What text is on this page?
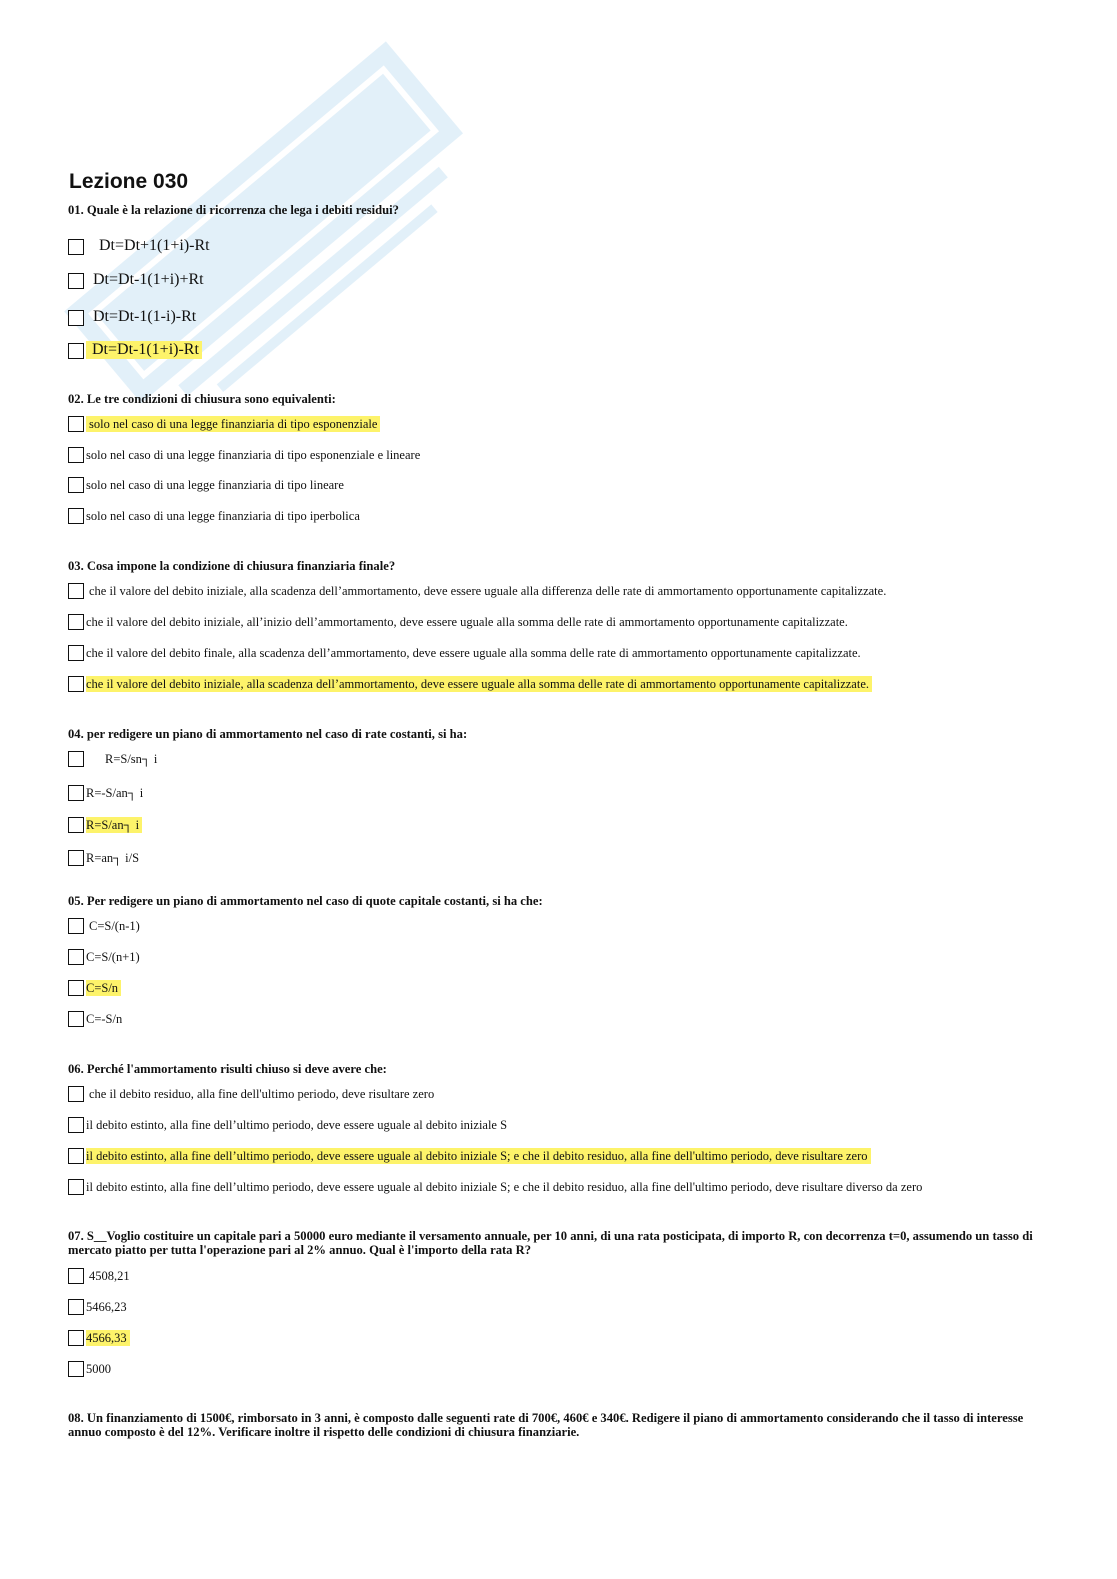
Lezione 030

01. Quale è la relazione di ricorrenza che lega i debiti residui?

Dt=Dt+1(1+i)-Rt
Dt=Dt-1(1+i)+Rt
Dt=Dt-1(1-i)-Rt
Dt=Dt-1(1+i)-Rt

02. Le tre condizioni di chiusura sono equivalenti:

solo nel caso di una legge finanziaria di tipo esponenziale
solo nel caso di una legge finanziaria di tipo esponenziale e lineare
solo nel caso di una legge finanziaria di tipo lineare
solo nel caso di una legge finanziaria di tipo iperbolica

03. Cosa impone la condizione di chiusura finanziaria finale?

che il valore del debito iniziale, alla scadenza dell’ammortamento, deve essere uguale alla differenza delle rate di ammortamento opportunamente capitalizzate.
che il valore del debito iniziale, all’inizio dell’ammortamento, deve essere uguale alla somma delle rate di ammortamento opportunamente capitalizzate.
che il valore del debito finale, alla scadenza dell’ammortamento, deve essere uguale alla somma delle rate di ammortamento opportunamente capitalizzate.
che il valore del debito iniziale, alla scadenza dell’ammortamento, deve essere uguale alla somma delle rate di ammortamento opportunamente capitalizzate.

04. per redigere un piano di ammortamento nel caso di rate costanti, si ha:

R=S/sn┐ i
R=-S/an┐ i
R=S/an┐ i
R=an┐ i/S

05. Per redigere un piano di ammortamento nel caso di quote capitale costanti, si ha che:

C=S/(n-1)
C=S/(n+1)
C=S/n
C=-S/n

06. Perché l'ammortamento risulti chiuso si deve avere che:

che il debito residuo, alla fine dell'ultimo periodo, deve risultare zero
il debito estinto, alla fine dell’ultimo periodo, deve essere uguale al debito iniziale S
il debito estinto, alla fine dell’ultimo periodo, deve essere uguale al debito iniziale S; e che il debito residuo, alla fine dell'ultimo periodo, deve risultare zero
il debito estinto, alla fine dell’ultimo periodo, deve essere uguale al debito iniziale S; e che il debito residuo, alla fine dell'ultimo periodo, deve risultare diverso da zero

07. S__Voglio costituire un capitale pari a 50000 euro mediante il versamento annuale, per 10 anni, di una rata posticipata, di importo R, con decorrenza t=0, assumendo un tasso di mercato piatto per tutta l'operazione pari al 2% annuo. Qual è l'importo della rata R?

4508,21
5466,23
4566,33
5000

08. Un finanziamento di 1500€, rimborsato in 3 anni, è composto dalle seguenti rate di 700€, 460€ e 340€. Redigere il piano di ammortamento considerando che il tasso di interesse annuo composto è del 12%. Verificare inoltre il rispetto delle condizioni di chiusura finanziarie.
